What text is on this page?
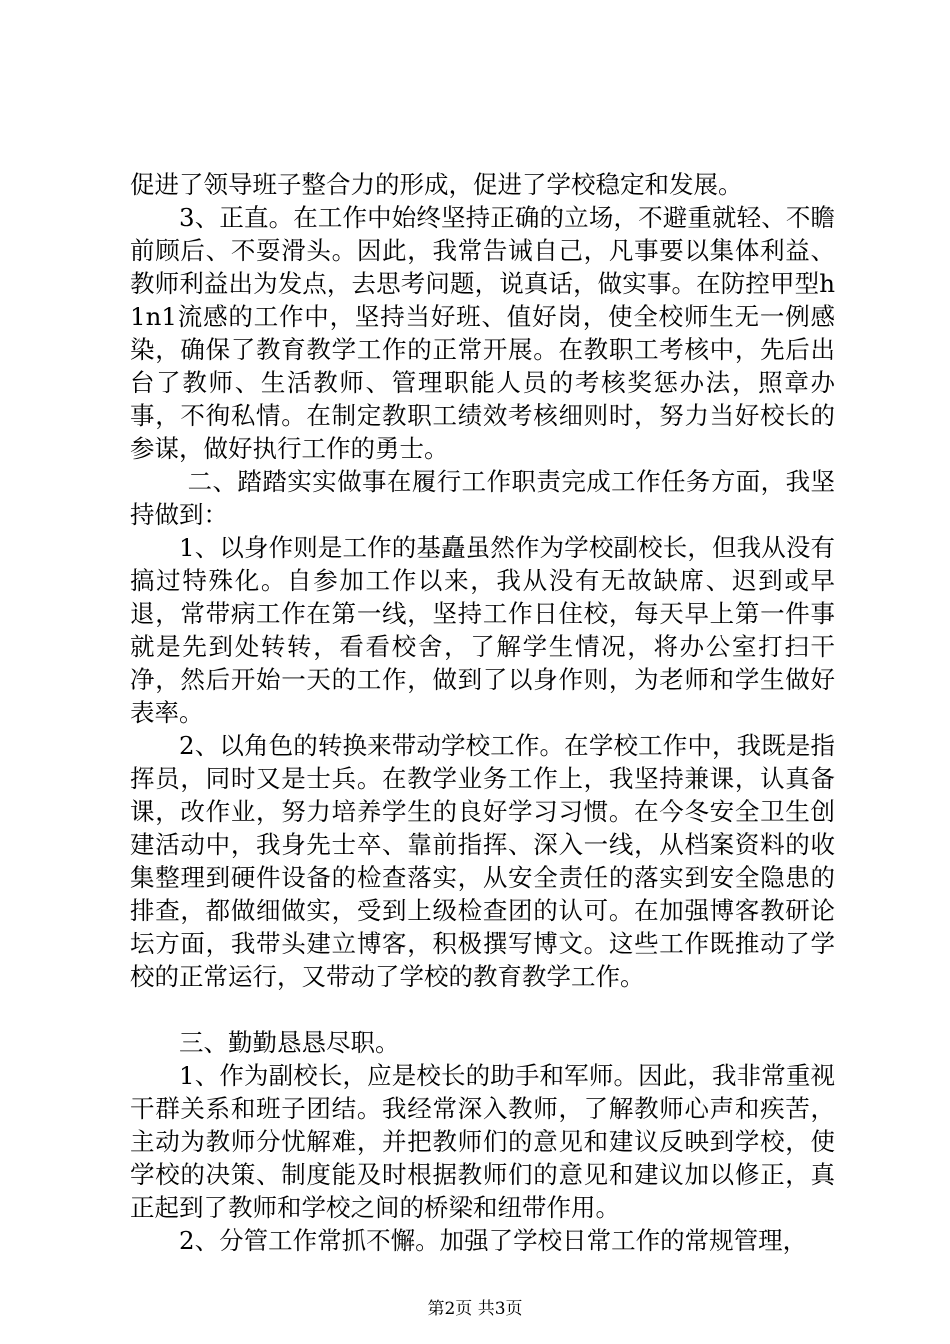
促进了领导班子整合力的形成，促进了学校稳定和发展。

3、正直。在工作中始终坚持正确的立场，不避重就轻、不瞻前顾后、不耍滑头。因此，我常告诫自己，凡事要以集体利益、教师利益出为发点，去思考问题，说真话，做实事。在防控甲型h1n1流感的工作中，坚持当好班、值好岗，使全校师生无一例感染，确保了教育教学工作的正常开展。在教职工考核中，先后出台了教师、生活教师、管理职能人员的考核奖惩办法，照章办事，不徇私情。在制定教职工绩效考核细则时，努力当好校长的参谋，做好执行工作的勇士。

二、踏踏实实做事在履行工作职责完成工作任务方面，我坚持做到：

1、以身作则是工作的基矗虽然作为学校副校长，但我从没有搞过特殊化。自参加工作以来，我从没有无故缺席、迟到或早退，常带病工作在第一线，坚持工作日住校，每天早上第一件事就是先到处转转，看看校舍，了解学生情况，将办公室打扫干净，然后开始一天的工作，做到了以身作则，为老师和学生做好表率。

2、以角色的转换来带动学校工作。在学校工作中，我既是指挥员，同时又是士兵。在教学业务工作上，我坚持兼课，认真备课，改作业，努力培养学生的良好学习习惯。在今冬安全卫生创建活动中，我身先士卒、靠前指挥、深入一线，从档案资料的收集整理到硬件设备的检查落实，从安全责任的落实到安全隐患的排查，都做细做实，受到上级检查团的认可。在加强博客教研论坛方面，我带头建立博客，积极撰写博文。这些工作既推动了学校的正常运行，又带动了学校的教育教学工作。

三、勤勤恳恳尽职。

1、作为副校长，应是校长的助手和军师。因此，我非常重视干群关系和班子团结。我经常深入教师，了解教师心声和疾苦，主动为教师分忧解难，并把教师们的意见和建议反映到学校，使学校的决策、制度能及时根据教师们的意见和建议加以修正，真正起到了教师和学校之间的桥梁和纽带作用。

2、分管工作常抓不懈。加强了学校日常工作的常规管理，

第2页 共3页
